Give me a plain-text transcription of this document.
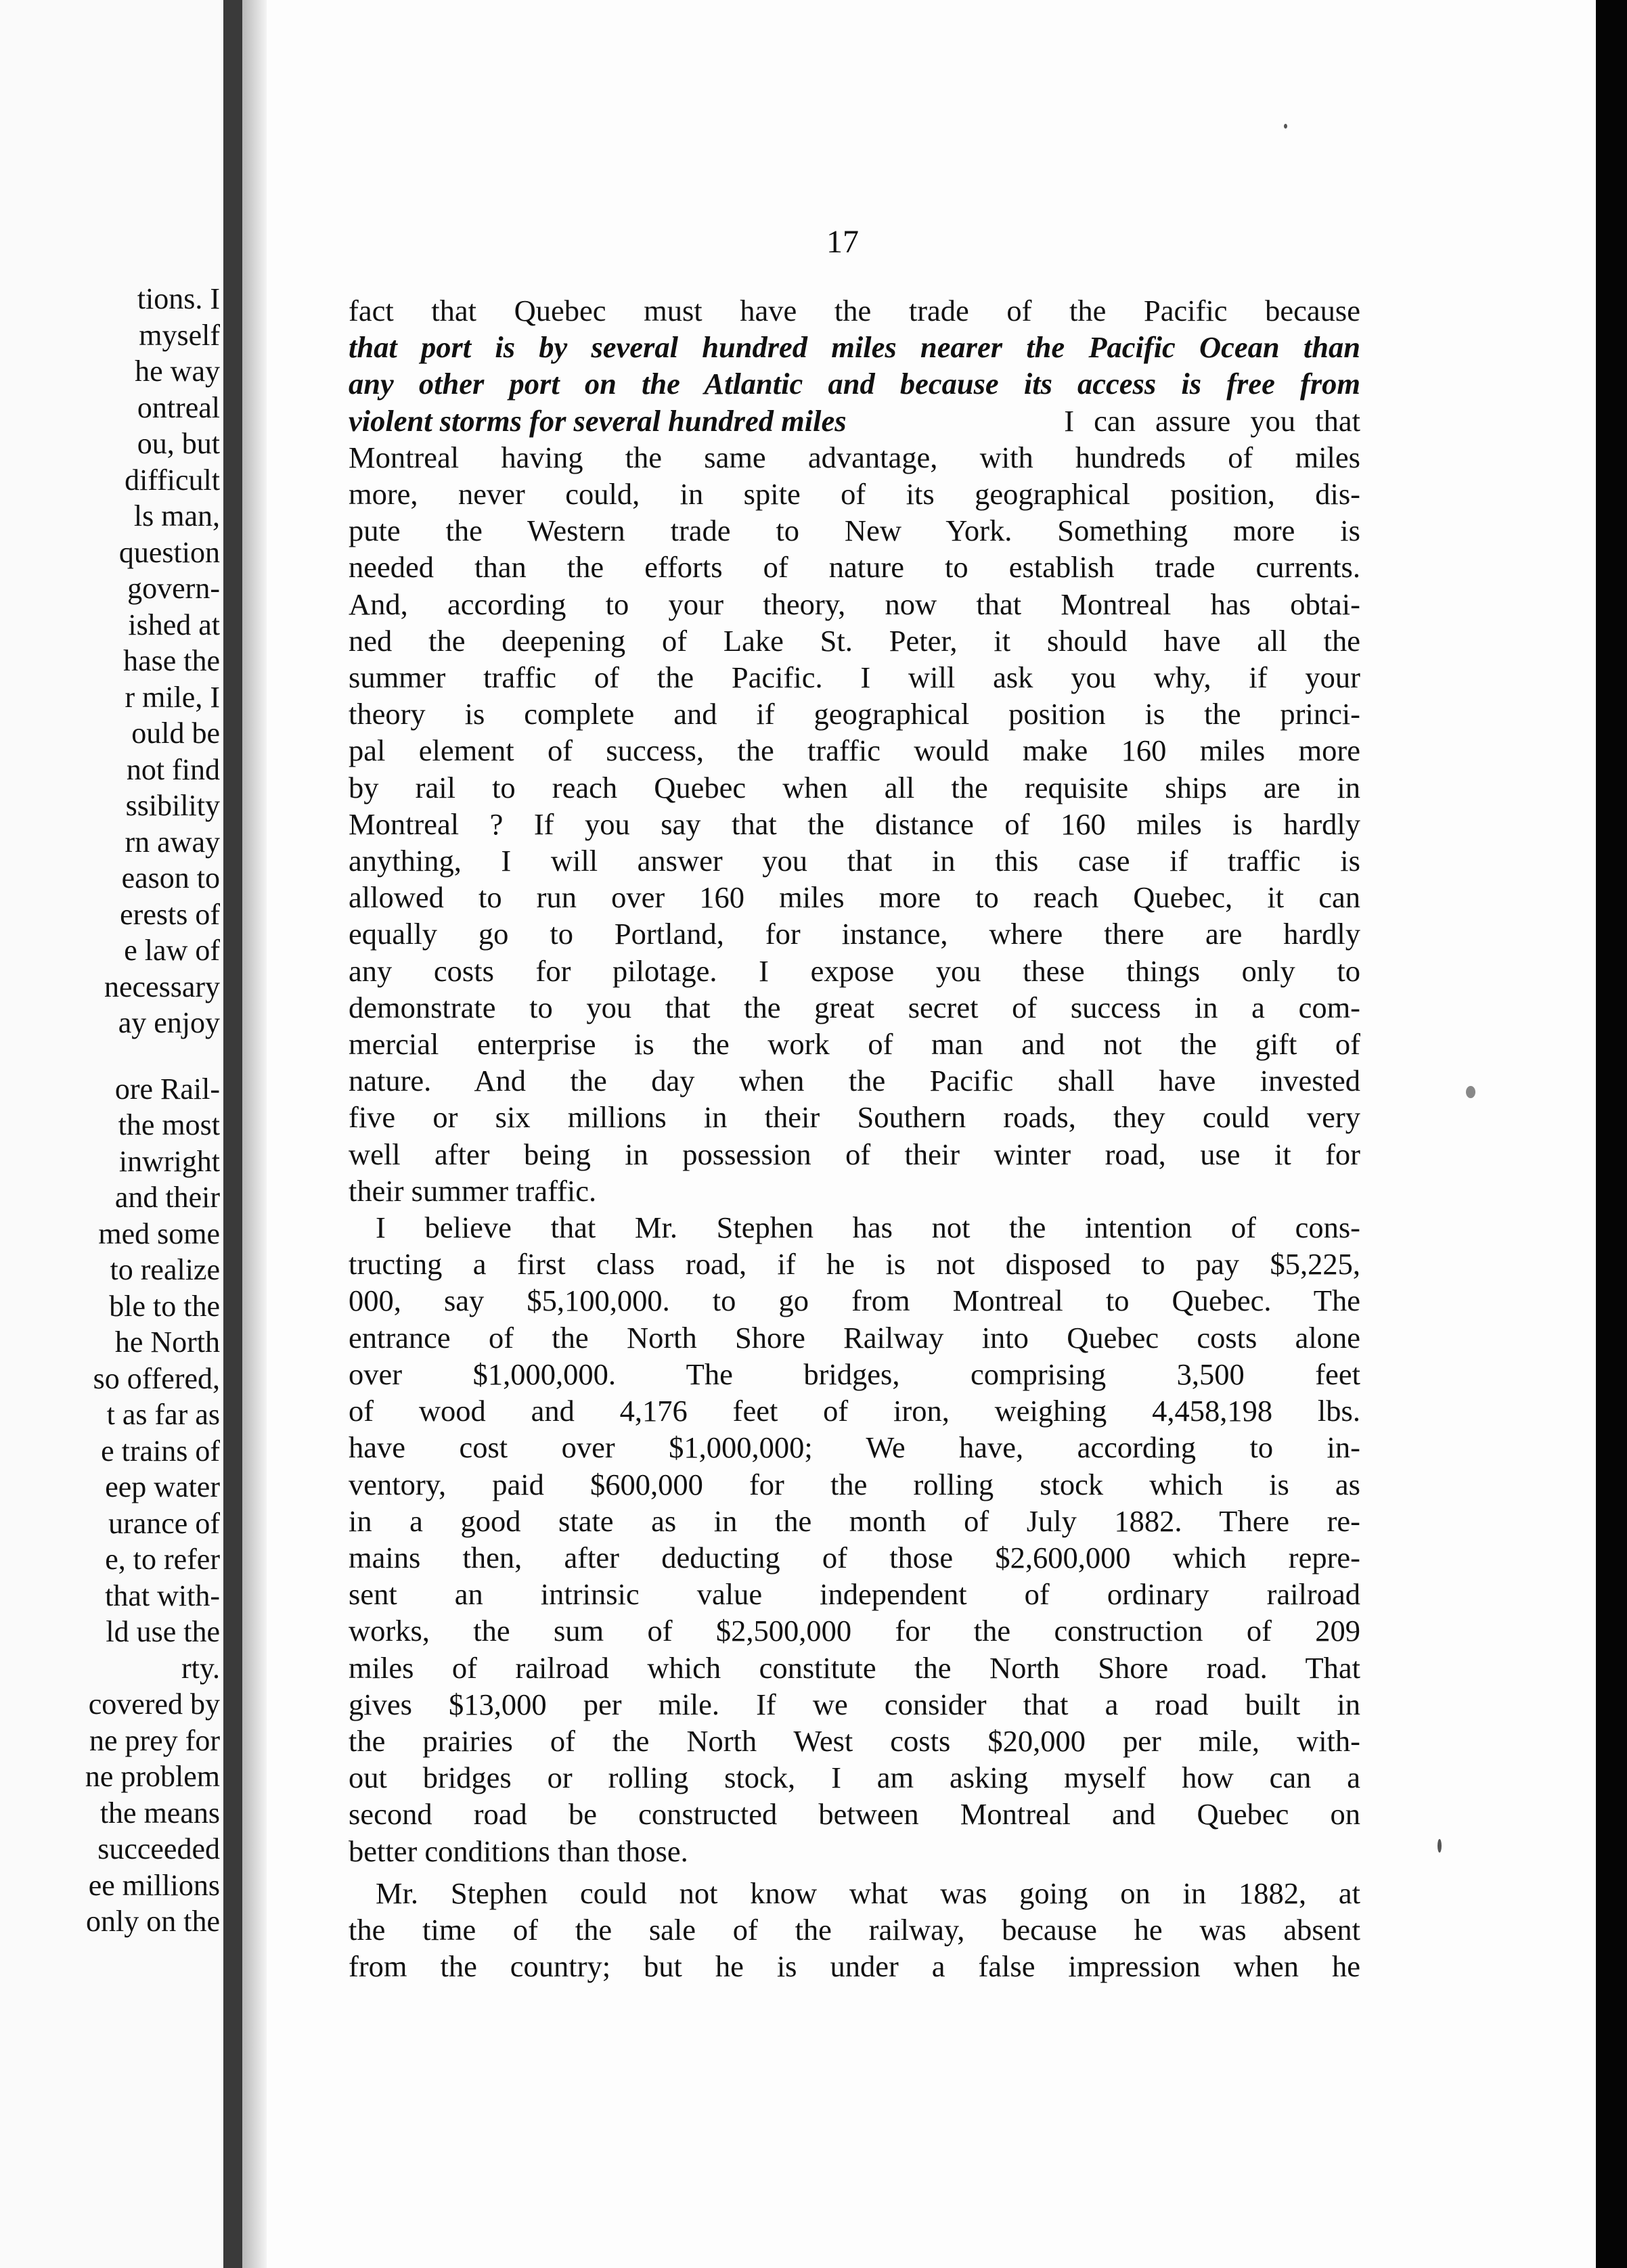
tions. I
myself
he way
ontreal
ou, but
difficult
ls man,
question
govern-
ished at
hase the
r mile, I
ould be
not find
ssibility
rn away
eason to
erests of
e law of
necessary
ay enjoy
ore Rail-
the most
inwright
and their
med some
to realize
ble to the
he North
so offered,
t as far as
e trains of
eep water
urance of
e, to refer
that with-
ld use the
rty.
covered by
ne prey for
ne problem
the means
succeeded
ee millions
only on the
17
fact that Quebec must have the trade of the Pacific because
that port is by several hundred miles nearer the Pacific Ocean than
any other port on the Atlantic and because its access is free from
violent storms for several hundred miles	I can assure you that
Montreal having the same advantage, with hundreds of miles
more, never could, in spite of its geographical position, dis-
pute the Western trade to New York. Something more is
needed than the efforts of nature to establish trade currents.
And, according to your theory, now that Montreal has obtai-
ned the deepening of Lake St. Peter, it should have all the
summer traffic of the Pacific. I will ask you why, if your
theory is complete and if geographical position is the princi-
pal element of success, the traffic would make 160 miles more
by rail to reach Quebec when all the requisite ships are in
Montreal ? If you say that the distance of 160 miles is hardly
anything, I will answer you that in this case if traffic is
allowed to run over 160 miles more to reach Quebec, it can
equally go to Portland, for instance, where there are hardly
any costs for pilotage. I expose you these things only to
demonstrate to you that the great secret of success in a com-
mercial enterprise is the work of man and not the gift of
nature. And the day when the Pacific shall have invested
five or six millions in their Southern roads, they could very
well after being in possession of their winter road, use it for
their summer traffic.
I believe that Mr. Stephen has not the intention of cons-
tructing a first class road, if he is not disposed to pay $5,225,
000, say $5,100,000. to go from Montreal to Quebec. The
entrance of the North Shore Railway into Quebec costs alone
over $1,000,000. The bridges, comprising 3,500 feet
of wood and 4,176 feet of iron, weighing 4,458,198 lbs.
have cost over $1,000,000; We have, according to in-
ventory, paid $600,000 for the rolling stock which is as
in a good state as in the month of July 1882. There re-
mains then, after deducting of those $2,600,000 which repre-
sent an intrinsic value independent of ordinary railroad
works, the sum of $2,500,000 for the construction of 209
miles of railroad which constitute the North Shore road. That
gives $13,000 per mile. If we consider that a road built in
the prairies of the North West costs $20,000 per mile, with-
out bridges or rolling stock, I am asking myself how can a
second road be constructed between Montreal and Quebec on
better conditions than those.
Mr. Stephen could not know what was going on in 1882, at
the time of the sale of the railway, because he was absent
from the country; but he is under a false impression when he
